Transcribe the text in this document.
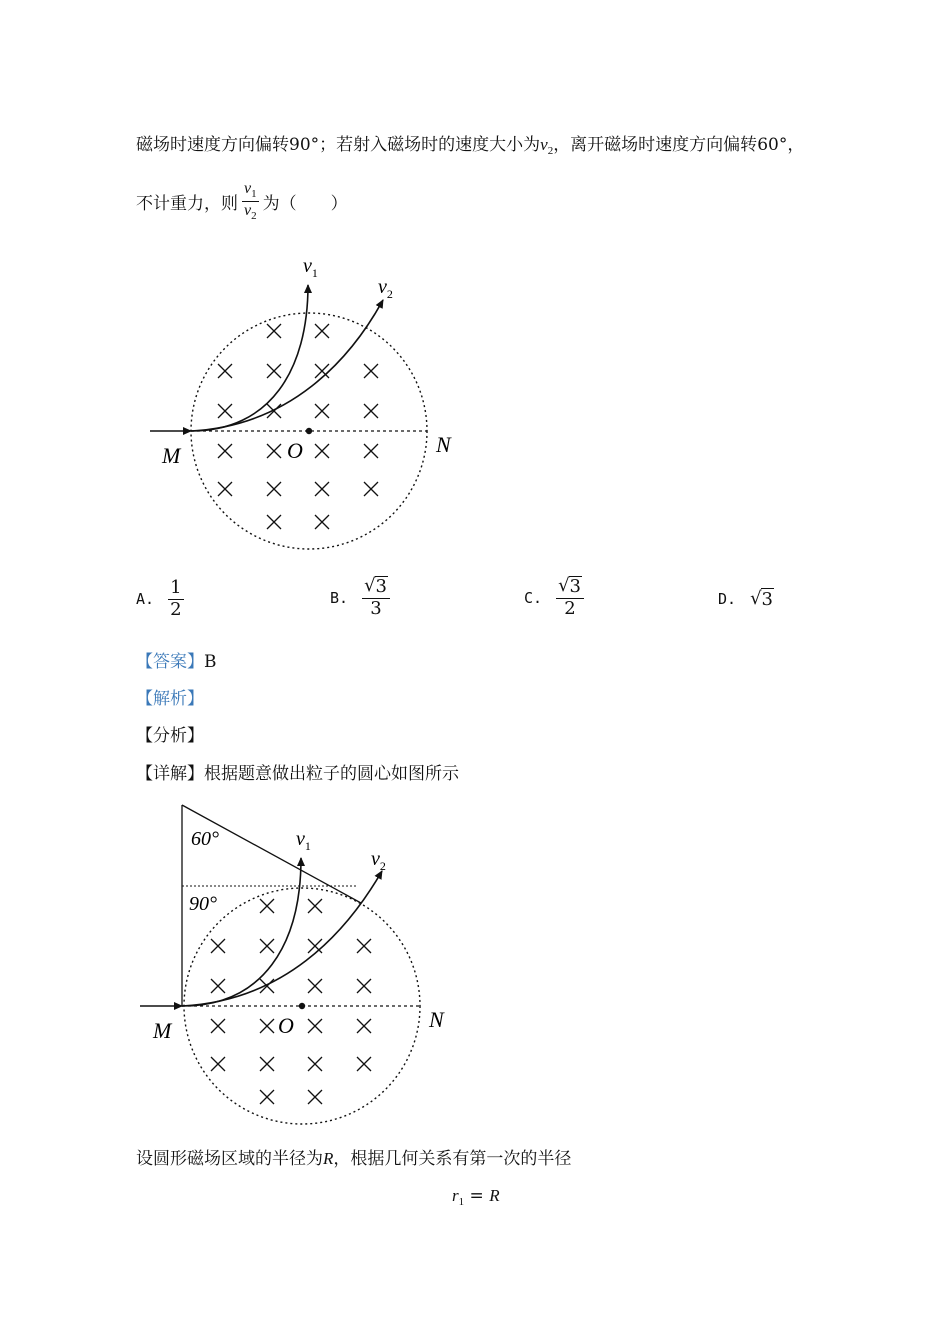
磁场时速度方向偏转90°；若射入磁场时的速度大小为$v_2$，离开磁场时速度方向偏转60°，
不计重力，则 $\frac{v_1}{v_2}$ 为（　　）
$v_1$
$v_2$
M	N
O
A. $\frac{1}{2}$	B. $\frac{√ 3}{3}$	C. $\frac{√ 3}{2}$	D. √ 3
【答案】B
【解析】
【分析】
【详解】根据题意做出粒子的圆心如图所示
60°
90°
$v_1$
$v_2$
M	N
O
设圆形磁场区域的半径为R，根据几何关系有第一次的半径
$r_1 = R$
